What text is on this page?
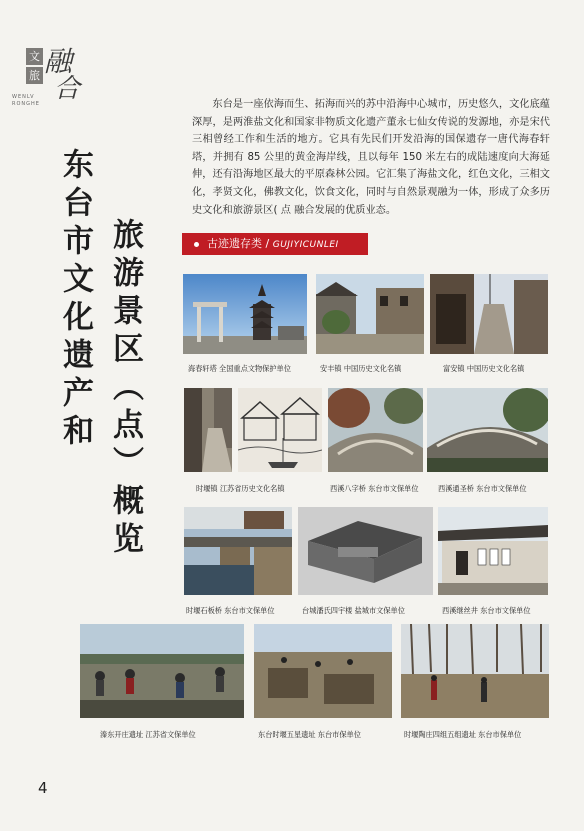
文
旅 融
合
WENLV
RONGHE
东台市文化遗产和 旅游景区（点）概览

东台是一座依海而生、拓海而兴的苏中沿海中心城市，历史悠久，文化底蕴深厚，是两淮盐文化和国家非物质文化遗产董永七仙女传说的发源地，亦是宋代三相曾经工作和生活的地方。它具有先民们开发沿海的国保遗存一唐代海春轩塔，并拥有 85 公里的黄金海岸线，且以每年 150 米左右的成陆速度向大海延伸，还有沿海地区最大的平原森林公园。它汇集了海盐文化，红色文化，三相文化，孝贤文化，佛教文化，饮食文化，同时与自然景观融为一体，形成了众多历史文化和旅游景区( 点 融合发展的优质业态。

古迹遗存类 / GUJIYICUNLEI
海春轩塔 全国重点文物保护单位	安丰镇 中国历史文化名镇	富安镇 中国历史文化名镇
时堰镇 江苏省历史文化名镇	西溪八字桥 东台市文保单位	西溪通圣桥 东台市文保单位
时堰石板桥 东台市文保单位	台城潘氏四宇楼 盐城市文保单位	西溪继丝井 东台市文保单位
溱东开庄遗址 江苏省文保单位	东台时堰五星遗址 东台市保单位	时堰陶庄四组五组遗址 东台市保单位
4
